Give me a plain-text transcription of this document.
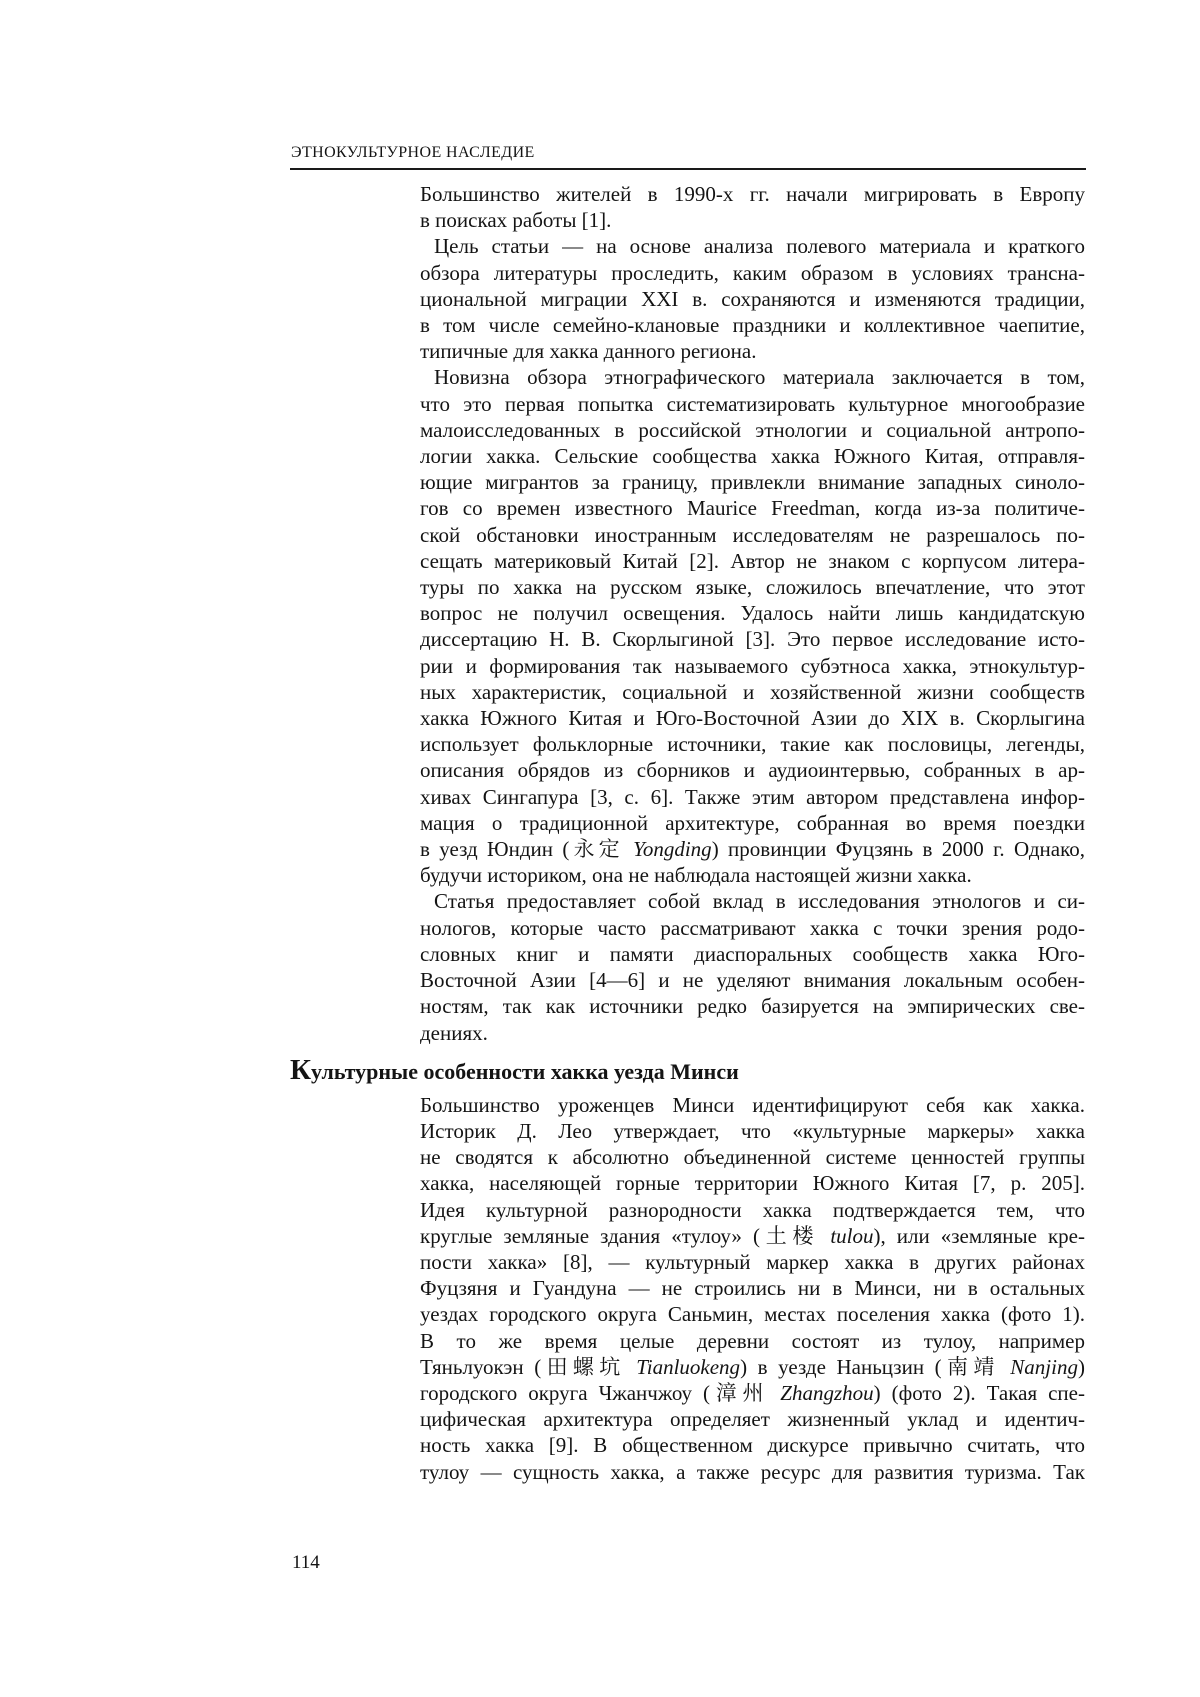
ЭТНОКУЛЬТУРНОЕ НАСЛЕДИЕ
Большинство жителей в 1990-х гг. начали мигрировать в Европу
в поисках работы [1].
Цель статьи — на основе анализа полевого материала и краткого
обзора литературы проследить, каким образом в условиях трансна-
циональной миграции XXI в. сохраняются и изменяются традиции,
в том числе семейно-клановые праздники и коллективное чаепитие,
типичные для хакка данного региона.
Новизна обзора этнографического материала заключается в том,
что это первая попытка систематизировать культурное многообразие
малоисследованных в российской этнологии и социальной антропо-
логии хакка. Сельские сообщества хакка Южного Китая, отправля-
ющие мигрантов за границу, привлекли внимание западных синоло-
гов со времен известного Maurice Freedman, когда из-за политиче-
ской обстановки иностранным исследователям не разрешалось по-
сещать материковый Китай [2]. Автор не знаком с корпусом литера-
туры по хакка на русском языке, сложилось впечатление, что этот
вопрос не получил освещения. Удалось найти лишь кандидатскую
диссертацию Н. В. Скорлыгиной [3]. Это первое исследование исто-
рии и формирования так называемого субэтноса хакка, этнокультур-
ных характеристик, социальной и хозяйственной жизни сообществ
хакка Южного Китая и Юго-Восточной Азии до XIX в. Скорлыгина
использует фольклорные источники, такие как пословицы, легенды,
описания обрядов из сборников и аудиоинтервью, собранных в ар-
хивах Сингапура [3, с. 6]. Также этим автором представлена инфор-
мация о традиционной архитектуре, собранная во время поездки
в уезд Юндин (永定 Yongding) провинции Фуцзянь в 2000 г. Однако,
будучи историком, она не наблюдала настоящей жизни хакка.
Статья предоставляет собой вклад в исследования этнологов и си-
нологов, которые часто рассматривают хакка с точки зрения родо-
словных книг и памяти диаспоральных сообществ хакка Юго-
Восточной Азии [4—6] и не уделяют внимания локальным особен-
ностям, так как источники редко базируется на эмпирических све-
дениях.
Культурные особенности хакка уезда Минси
Большинство уроженцев Минси идентифицируют себя как хакка.
Историк Д. Лео утверждает, что «культурные маркеры» хакка
не сводятся к абсолютно объединенной системе ценностей группы
хакка, населяющей горные территории Южного Китая [7, p. 205].
Идея культурной разнородности хакка подтверждается тем, что
круглые земляные здания «тулоу» (土楼 tulou), или «земляные кре-
пости хакка» [8], — культурный маркер хакка в других районах
Фуцзяня и Гуандуна — не строились ни в Минси, ни в остальных
уездах городского округа Саньмин, местах поселения хакка (фото 1).
В то же время целые деревни состоят из тулоу, например
Тяньлуокэн (田螺坑 Tianluokeng) в уезде Наньцзин (南靖 Nanjing)
городского округа Чжанчжоу (漳州 Zhangzhou) (фото 2). Такая спе-
цифическая архитектура определяет жизненный уклад и идентич-
ность хакка [9]. В общественном дискурсе привычно считать, что
тулоу — сущность хакка, а также ресурс для развития туризма. Так
114
